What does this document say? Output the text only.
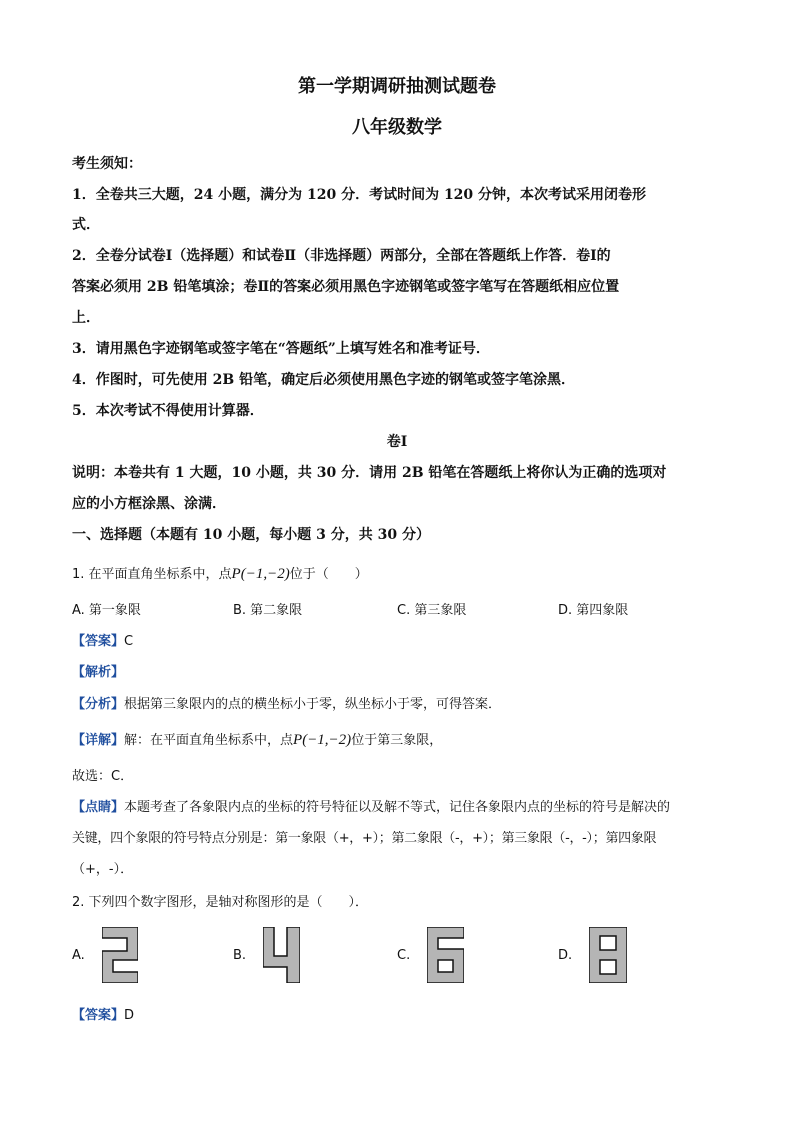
第一学期调研抽测试题卷
八年级数学
考生须知：
1．全卷共三大题，24 小题，满分为 120 分．考试时间为 120 分钟，本次考试采用闭卷形
式．
2．全卷分试卷Ⅰ（选择题）和试卷Ⅱ（非选择题）两部分，全部在答题纸上作答．卷Ⅰ的
答案必须用 2B 铅笔填涂；卷Ⅱ的答案必须用黑色字迹钢笔或签字笔写在答题纸相应位置
上．
3．请用黑色字迹钢笔或签字笔在“答题纸”上填写姓名和准考证号．
4．作图时，可先使用 2B 铅笔，确定后必须使用黑色字迹的钢笔或签字笔涂黑．
5．本次考试不得使用计算器．
卷Ⅰ
说明：本卷共有 1 大题，10 小题，共 30 分．请用 2B 铅笔在答题纸上将你认为正确的选项对
应的小方框涂黑、涂满．
一、选择题（本题有 10 小题，每小题 3 分，共 30 分）
1. 在平面直角坐标系中，点P(−1,−2)位于（　　）
A. 第一象限	B. 第二象限	C. 第三象限	D. 第四象限
【答案】C
【解析】
【分析】根据第三象限内的点的横坐标小于零，纵坐标小于零，可得答案．
【详解】解：在平面直角坐标系中，点P(−1,−2)位于第三象限，
故选：C．
【点睛】本题考查了各象限内点的坐标的符号特征以及解不等式，记住各象限内点的坐标的符号是解决的
关键，四个象限的符号特点分别是：第一象限（+，+）；第二象限（-，+）；第三象限（-，-）；第四象限
（+，-）．
2. 下列四个数字图形，是轴对称图形的是（　　）．
A.	B.	C.	D.
【答案】D
